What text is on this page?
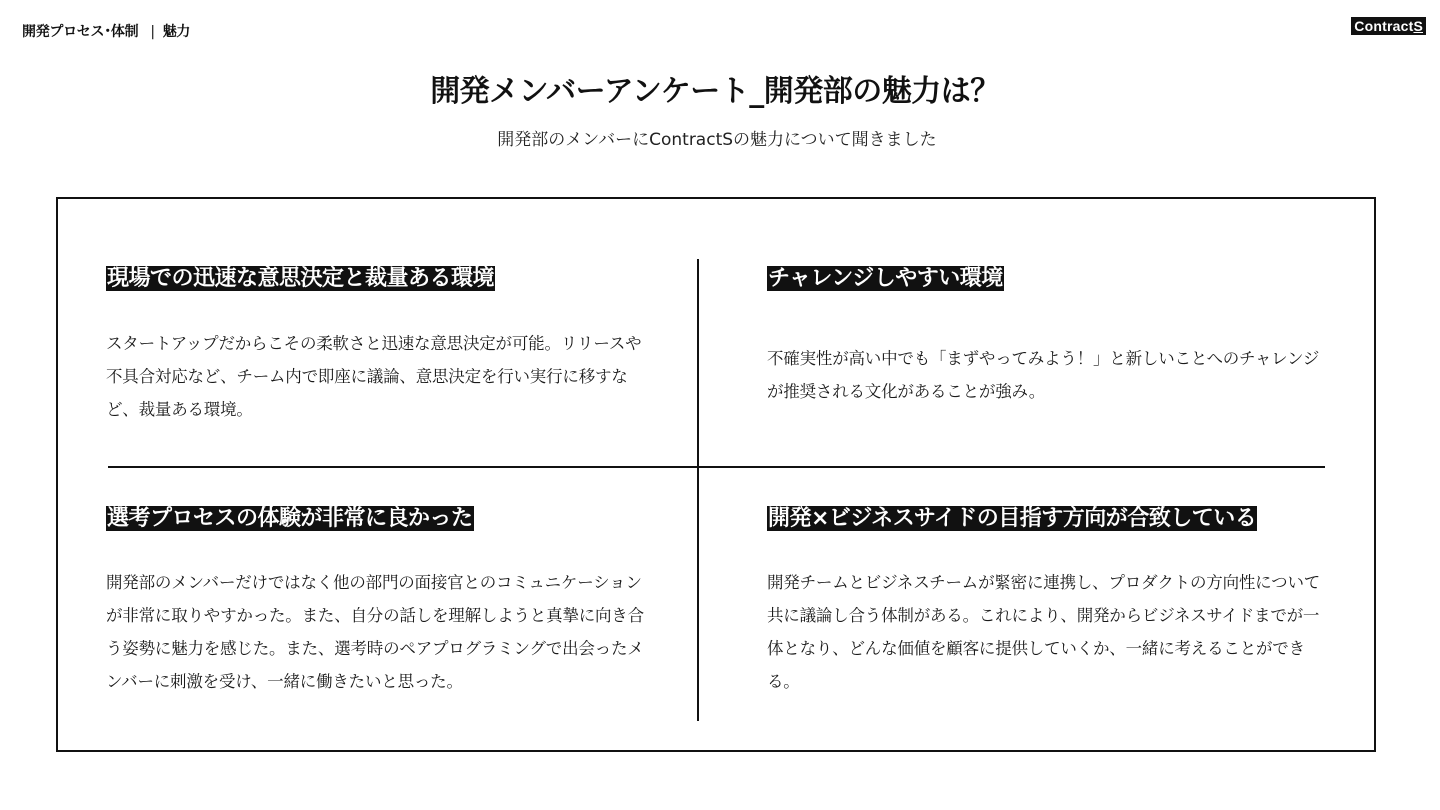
開発プロセス･体制 | 魅力	ContractS
開発メンバーアンケート_開発部の魅力は？

開発部のメンバーにContractSの魅力について聞きました

現場での迅速な意思決定と裁量ある環境

スタートアップだからこその柔軟さと迅速な意思決定が可能。リリースや不具合対応など、チーム内で即座に議論、意思決定を行い実行に移すなど、裁量ある環境。

チャレンジしやすい環境

不確実性が高い中でも「まずやってみよう！」と新しいことへのチャレンジが推奨される文化があることが強み。

選考プロセスの体験が非常に良かった

開発部のメンバーだけではなく他の部門の面接官とのコミュニケーションが非常に取りやすかった。また、自分の話しを理解しようと真摯に向き合う姿勢に魅力を感じた。また、選考時のペアプログラミングで出会ったメンバーに刺激を受け、一緒に働きたいと思った。

開発×ビジネスサイドの目指す方向が合致している

開発チームとビジネスチームが緊密に連携し、プロダクトの方向性について共に議論し合う体制がある。これにより、開発からビジネスサイドまでが一体となり、どんな価値を顧客に提供していくか、一緒に考えることができる。
